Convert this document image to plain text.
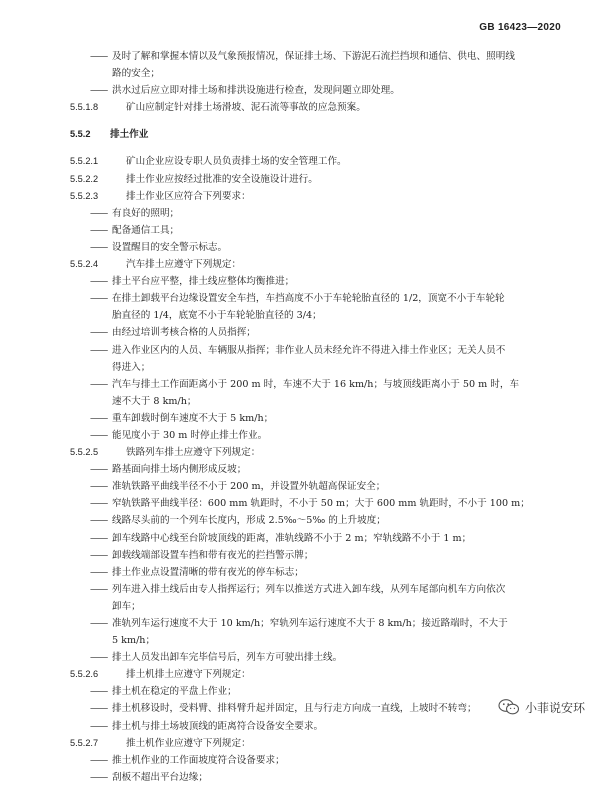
GB 16423—2020
—— 及时了解和掌握本情以及气象预报情况，保证排土场、下游泥石流拦挡坝和通信、供电、照明线
路的安全；
—— 洪水过后应立即对排土场和排洪设施进行检查，发现问题立即处理。
5.5.1.8	矿山应制定针对排土场滑坡、泥石流等事故的应急预案。
5.5.2 排土作业
5.5.2.1	矿山企业应设专职人员负责排土场的安全管理工作。
5.5.2.2	排土作业应按经过批准的安全设施设计进行。
5.5.2.3	排土作业区应符合下列要求：
—— 有良好的照明；
—— 配备通信工具；
—— 设置醒目的安全警示标志。
5.5.2.4	汽车排土应遵守下列规定：
—— 排土平台应平整，排土线应整体均衡推进；
—— 在排土卸载平台边缘设置安全车挡，车挡高度不小于车轮轮胎直径的 1/2，顶宽不小于车轮轮
胎直径的 1/4，底宽不小于车轮轮胎直径的 3/4；
—— 由经过培训考核合格的人员指挥；
—— 进入作业区内的人员、车辆服从指挥；非作业人员未经允许不得进入排土作业区；无关人员不
得进入；
—— 汽车与排土工作面距离小于 200 m 时，车速不大于 16 km/h；与坡顶线距离小于 50 m 时，车
速不大于 8 km/h；
—— 重车卸载时倒车速度不大于 5 km/h；
—— 能见度小于 30 m 时停止排土作业。
5.5.2.5	铁路列车排土应遵守下列规定：
—— 路基面向排土场内侧形成反坡；
—— 准轨铁路平曲线半径不小于 200 m，并设置外轨超高保证安全；
—— 窄轨铁路平曲线半径：600 mm 轨距时，不小于 50 m；大于 600 mm 轨距时，不小于 100 m；
—— 线路尽头前的一个列车长度内，形成 2.5‰～5‰ 的上升坡度；
—— 卸车线路中心线至台阶坡顶线的距离，准轨线路不小于 2 m；窄轨线路不小于 1 m；
—— 卸载线端部设置车挡和带有夜光的拦挡警示牌；
—— 排土作业点设置清晰的带有夜光的停车标志；
—— 列车进入排土线后由专人指挥运行；列车以推送方式进入卸车线，从列车尾部向机车方向依次
卸车；
—— 准轨列车运行速度不大于 10 km/h；窄轨列车运行速度不大于 8 km/h；接近路端时，不大于
5 km/h；
—— 排土人员发出卸车完毕信号后，列车方可驶出排土线。
5.5.2.6	排土机排土应遵守下列规定：
—— 排土机在稳定的平盘上作业；
—— 排土机移设时，受料臂、排料臂升起并固定，且与行走方向成一直线，上坡时不转弯；
—— 排土机与排土场坡顶线的距离符合设备安全要求。
5.5.2.7	推土机作业应遵守下列规定：
—— 推土机作业的工作面坡度符合设备要求；
—— 刮板不超出平台边缘；
小菲说安环
